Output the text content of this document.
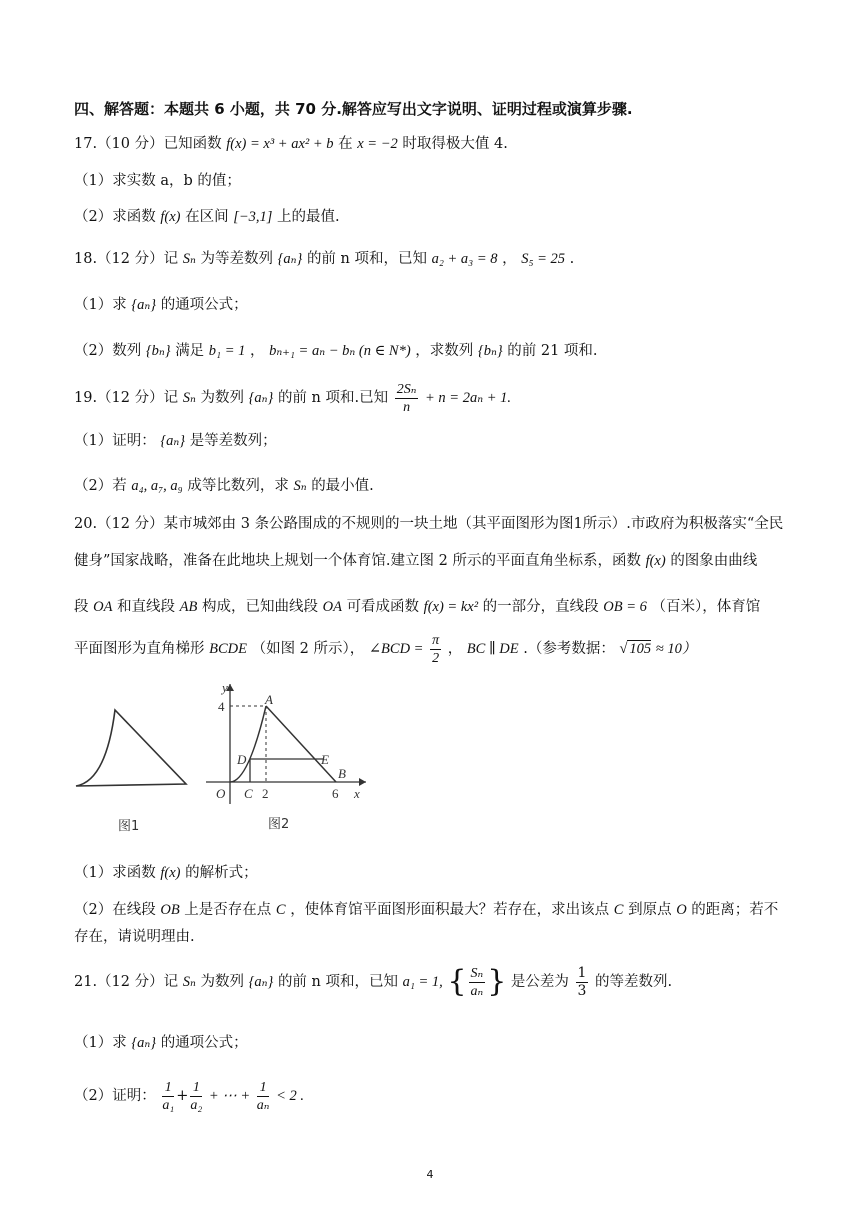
四、解答题：本题共 6 小题，共 70 分.解答应写出文字说明、证明过程或演算步骤.
17.（10 分）已知函数 f(x) = x³ + ax² + b 在 x = −2 时取得极大值 4.
（1）求实数 a，b 的值；
（2）求函数 f(x) 在区间 [−3,1] 上的最值.
18.（12 分）记 Sₙ 为等差数列 {aₙ} 的前 n 项和，已知 a₂ + a₃ = 8 ， S₅ = 25 .
（1）求 {aₙ} 的通项公式；
（2）数列 {bₙ} 满足 b₁ = 1 ， bₙ₊₁ = aₙ − bₙ (n ∈ N*) ，求数列 {bₙ} 的前 21 项和.
19.（12 分）记 Sₙ 为数列 {aₙ} 的前 n 项和.已知 $\frac{\text{2Sₙ}}{n} + n = 2a_n + 1$.
（1）证明： {aₙ} 是等差数列；
（2）若 a₄, a₇, a₉ 成等比数列，求 Sₙ 的最小值.
20.（12 分）某市城郊由 3 条公路围成的不规则的一块土地（其平面图形为图1所示）.市政府为积极落实“全民
健身”国家战略，准备在此地块上规划一个体育馆.建立图 2 所示的平面直角坐标系，函数 f(x) 的图象由曲线
段 OA 和直线段 AB 构成，已知曲线段 OA 可看成函数 f(x) = kx² 的一部分，直线段 OB = 6 （百米），体育馆
平面图形为直角梯形 BCDE （如图 2 所示）， ∠BCD = $\frac{\pi}{2}$ ， BC ∥ DE .（参考数据： √ 105 ≈ 10）
图1
y
x
4	A
D	E
B
O C 2	6
图2
（1）求函数 f(x) 的解析式；
（2）在线段 OB 上是否存在点 C ，使体育馆平面图形面积最大？若存在，求出该点 C 到原点 O 的距离；若不
存在，请说明理由.
21.（12 分）记 Sₙ 为数列 {aₙ} 的前 n 项和，已知 a₁ = 1, { $\frac{\text{Sₙ}}{\text{aₙ}}$ } 是公差为 $\frac{1}{3}$ 的等差数列.
（1）求 {aₙ} 的通项公式；
（2）证明： $\frac{1}{\text{a₁}} + \frac{1}{\text{a₂}}$ + ⋯ + $\frac{1}{\text{aₙ}} < 2$ .
4
